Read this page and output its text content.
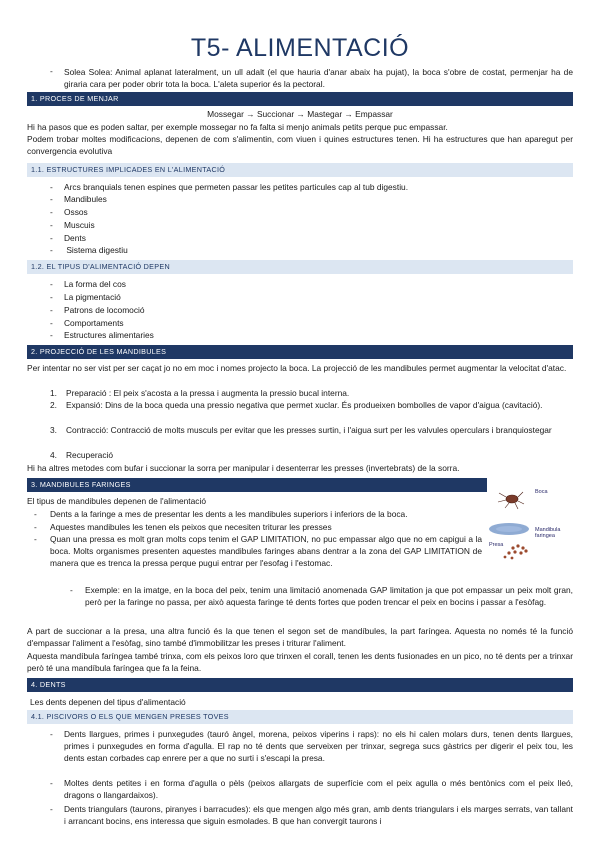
T5- ALIMENTACIÓ
-	Solea Solea: Animal aplanat lateralment, un ull adalt (el que hauria d'anar abaix ha pujat), la boca s'obre de costat, permenjar ha de giraria cara per poder obrir tota la boca. L'aleta superior és la pectoral.
1. PROCES DE MENJAR
Mossegar → Succionar → Mastegar → Empassar
Hi ha pasos que es poden saltar, per exemple mossegar no fa falta si menjo animals petits perque puc empassar.
Podem trobar moltes modificacions, depenen de com s'alimentin, com viuen i quines estructures tenen. Hi ha estructures que han aparegut per convergencia evolutiva
1.1. ESTRUCTURES IMPLICADES EN L'ALIMENTACIÓ
-	Arcs branquials tenen espines que permeten passar les petites particules cap al tub digestiu.
-	Mandibules
-	Ossos
-	Muscuis
-	Dents
-	Sistema digestiu
1.2. EL TIPUS D'ALIMENTACIÓ DEPEN
-	La forma del cos
-	La pigmentació
-	Patrons de locomoció
-	Comportaments
-	Estructures alimentaries
2. PROJECCIÓ DE LES MANDIBULES
Per intentar no ser vist per ser caçat jo no em moc i nomes projecto la boca. La projecció de les mandibules permet augmentar la velocitat d'atac.
1. Preparació : El peix s'acosta a la pressa i augmenta la pressio bucal interna.
2. Expansió: Dins de la boca queda una pressio negativa que permet xuclar. És produeixen bombolles de vapor d'aigua (cavitació).
3. Contracció: Contracció de molts musculs per evitar que les presses surtin, i l'aigua surt per les valvules operculars i branquiostegar
4. Recuperació
Hi ha altres metodes com bufar i succionar la sorra per manipular i desenterrar les presses (invertebrats) de la sorra.
3. MANDIBULES FARINGES
El tipus de mandibules depenen de l'alimentació
-	Dents a la faringe a mes de presentar les dents a les mandibules superiors i inferiors de la boca.
-	Aquestes mandibules les tenen els peixos que necesiten triturar les presses
-	Quan una pressa es molt gran molts cops tenim el GAP LIMITATION, no puc empassar algo que no em capigui a la boca. Molts organismes presenten aquestes mandibules faringes abans dentrar a la zona del GAP LIMITATION de manera que es trenca la pressa perque pugui entrar per l'esofag i l'estomac.
-	Exemple: en la imatge, en la boca del peix, tenim una limitació anomenada GAP limitation ja que pot empassar un peix molt gran, però per la faringe no passa, per això aquesta faringe té dents fortes que poden trencar el peix en bocins i passar a l'esòfag.
A part de succionar a la presa, una altra funció és la que tenen el segon set de mandíbules, la part faríngea. Aquesta no només té la funció d'empassar l'aliment a l'esòfag, sino també d'immobilitzar les preses i triturar l'aliment.
Aquesta mandíbula faríngea també trinxa, com els peixos loro que trinxen el corall, tenen les dents fusionades en un pico, no té dents per a trinxar però té una mandíbula faríngea que fa la feina.
Boca
Mandibula faringea
Presa
4. DENTS
Les dents depenen del tipus d'alimentació
4.1. PISCIVORS O ELS QUE MENGEN PRESES TOVES
-	Dents llargues, primes i punxegudes (tauró àngel, morena, peixos viperins i raps): no els hi calen molars durs, tenen dents llargues, primes i punxegudes en forma d'agulla. El rap no té dents que serveixen per trinxar, segrega sucs gàstrics per digerir el peix tou, les dents estan corbades cap enrere per a que no surti i s'escapi la presa.
-	Moltes dents petites i en forma d'agulla o pèls (peixos allargats de superfície com el peix agulla o més bentònics com el peix lleó, dragons o llangardaixos).
-	Dents triangulars (taurons, piranyes i barracudes): els que mengen algo més gran, amb dents triangulars i els marges serrats, van tallant i arrancant bocins, ens interessa que siguin esmolades. B que han convergit taurons i
